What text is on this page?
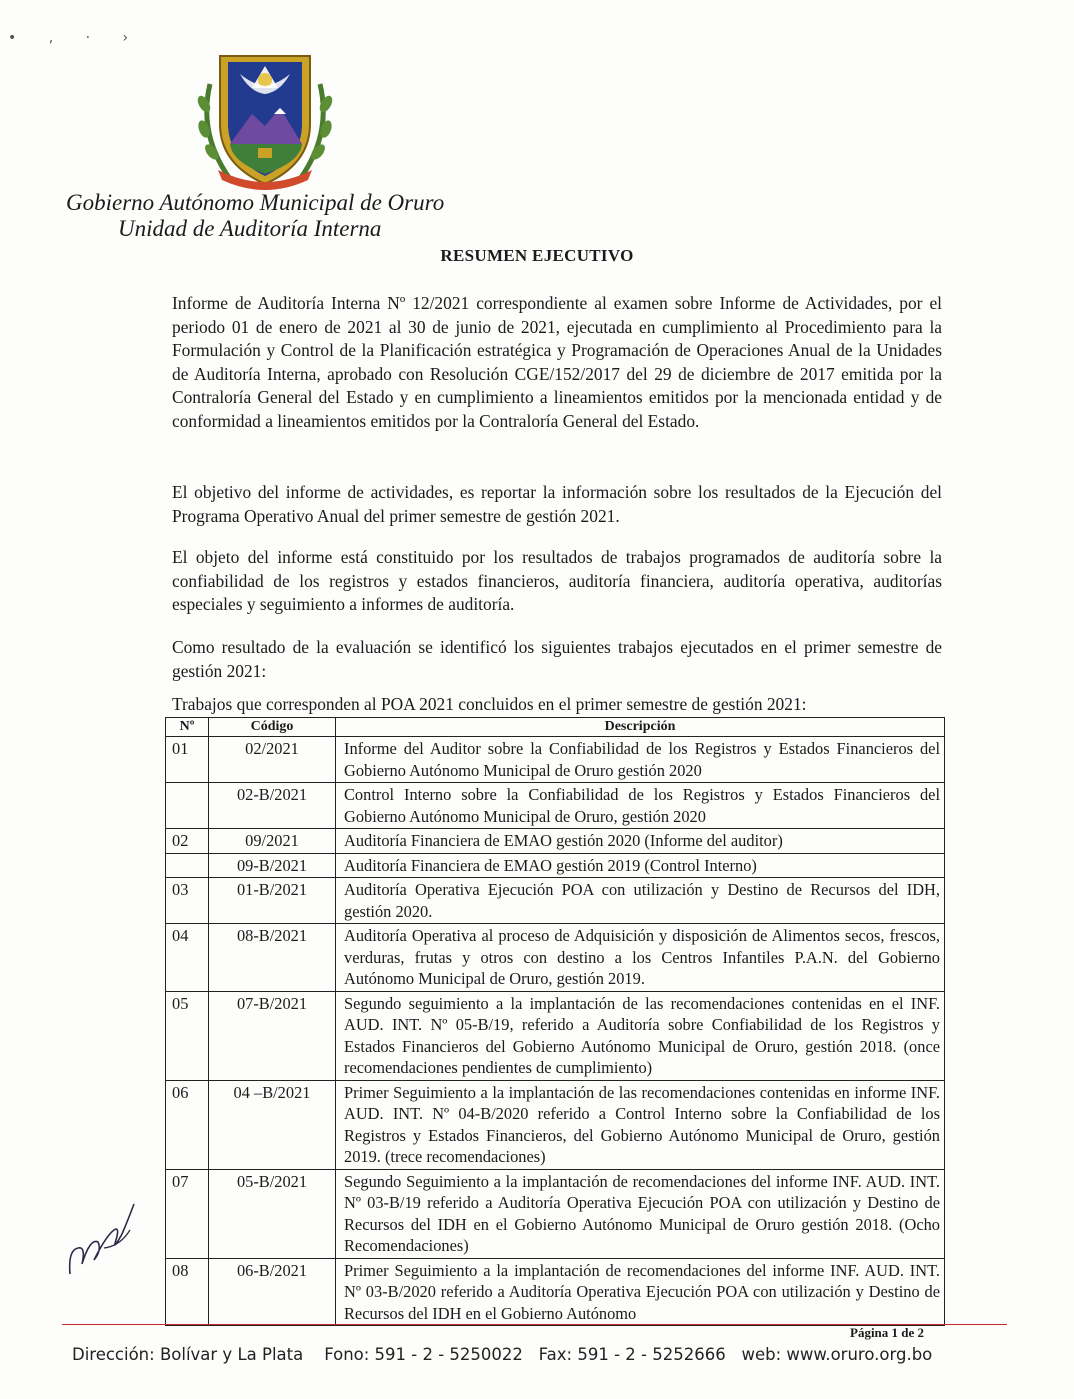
• , · ›
Gobierno Autónomo Municipal de Oruro
Unidad de Auditoría Interna
RESUMEN EJECUTIVO
Informe de Auditoría Interna Nº 12/2021 correspondiente al examen sobre Informe de Actividades, por el periodo 01 de enero de 2021 al 30 de junio de 2021, ejecutada en cumplimiento al Procedimiento para la Formulación y Control de la Planificación estratégica y Programación de Operaciones Anual de la Unidades de Auditoría Interna, aprobado con Resolución CGE/152/2017 del 29 de diciembre de 2017 emitida por la Contraloría General del Estado y en cumplimiento a lineamientos emitidos por la mencionada entidad y de conformidad a lineamientos emitidos por la Contraloría General del Estado.
El objetivo del informe de actividades, es reportar la información sobre los resultados de la Ejecución del Programa Operativo Anual del primer semestre de gestión 2021.
El objeto del informe está constituido por los resultados de trabajos programados de auditoría sobre la confiabilidad de los registros y estados financieros, auditoría financiera, auditoría operativa, auditorías especiales y seguimiento a informes de auditoría.
Como resultado de la evaluación se identificó los siguientes trabajos ejecutados en el primer semestre de gestión 2021:
Trabajos que corresponden al POA 2021 concluidos en el primer semestre de gestión 2021:
Nº	Código	Descripción
01	02/2021	Informe del Auditor sobre la Confiabilidad de los Registros y Estados Financieros del Gobierno Autónomo Municipal de Oruro gestión 2020
	02-B/2021	Control Interno sobre la Confiabilidad de los Registros y Estados Financieros del Gobierno Autónomo Municipal de Oruro, gestión 2020
02	09/2021	Auditoría Financiera de EMAO gestión 2020 (Informe del auditor)
	09-B/2021	Auditoría Financiera de EMAO gestión 2019 (Control Interno)
03	01-B/2021	Auditoría Operativa Ejecución POA con utilización y Destino de Recursos del IDH, gestión 2020.
04	08-B/2021	Auditoría Operativa al proceso de Adquisición y disposición de Alimentos secos, frescos, verduras, frutas y otros con destino a los Centros Infantiles P.A.N. del Gobierno Autónomo Municipal de Oruro, gestión 2019.
05	07-B/2021	Segundo seguimiento a la implantación de las recomendaciones contenidas en el INF. AUD. INT. Nº 05-B/19, referido a Auditoría sobre Confiabilidad de los Registros y Estados Financieros del Gobierno Autónomo Municipal de Oruro, gestión 2018. (once recomendaciones pendientes de cumplimiento)
06	04 –B/2021	Primer Seguimiento a la implantación de las recomendaciones contenidas en informe INF. AUD. INT. Nº 04-B/2020 referido a Control Interno sobre la Confiabilidad de los Registros y Estados Financieros, del Gobierno Autónomo Municipal de Oruro, gestión 2019. (trece recomendaciones)
07	05-B/2021	Segundo Seguimiento a la implantación de recomendaciones del informe INF. AUD. INT. Nº 03-B/19 referido a Auditoría Operativa Ejecución POA con utilización y Destino de Recursos del IDH en el Gobierno Autónomo Municipal de Oruro gestión 2018. (Ocho Recomendaciones)
08	06-B/2021	Primer Seguimiento a la implantación de recomendaciones del informe INF. AUD. INT. Nº 03-B/2020 referido a Auditoría Operativa Ejecución POA con utilización y Destino de Recursos del IDH en el Gobierno Autónomo
Página 1 de 2
Dirección: Bolívar y La Plata Fono: 591 - 2 - 5250022 Fax: 591 - 2 - 5252666 web: www.oruro.org.bo
